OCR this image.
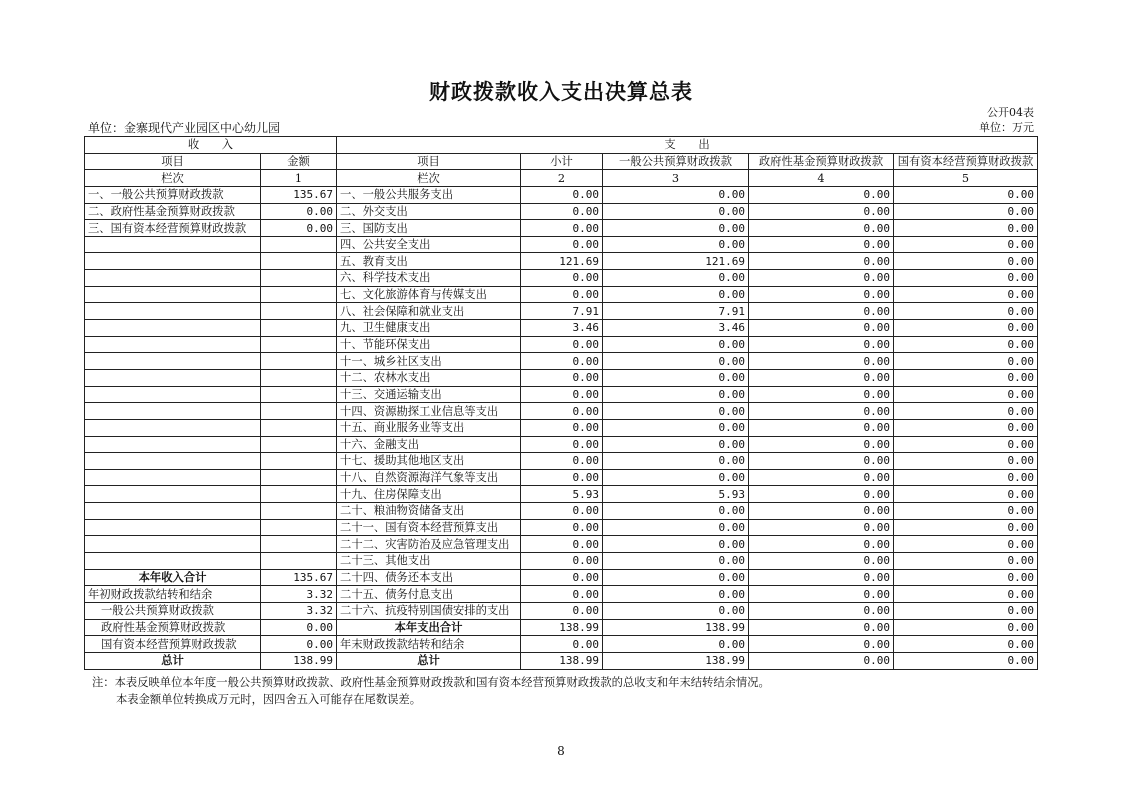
财政拨款收入支出决算总表
公开04表
单位：金寨现代产业园区中心幼儿园	单位：万元
收　　入		支　　出				
项目	金额	项目	小计	一般公共预算财政拨款	政府性基金预算财政拨款	国有资本经营预算财政拨款
栏次	1	栏次	2	3	4	5
一、一般公共预算财政拨款	135.67	一、一般公共服务支出	0.00	0.00	0.00	0.00
二、政府性基金预算财政拨款	0.00	二、外交支出	0.00	0.00	0.00	0.00
三、国有资本经营预算财政拨款	0.00	三、国防支出	0.00	0.00	0.00	0.00
		四、公共安全支出	0.00	0.00	0.00	0.00
		五、教育支出	121.69	121.69	0.00	0.00
		六、科学技术支出	0.00	0.00	0.00	0.00
		七、文化旅游体育与传媒支出	0.00	0.00	0.00	0.00
		八、社会保障和就业支出	7.91	7.91	0.00	0.00
		九、卫生健康支出	3.46	3.46	0.00	0.00
		十、节能环保支出	0.00	0.00	0.00	0.00
		十一、城乡社区支出	0.00	0.00	0.00	0.00
		十二、农林水支出	0.00	0.00	0.00	0.00
		十三、交通运输支出	0.00	0.00	0.00	0.00
		十四、资源勘探工业信息等支出	0.00	0.00	0.00	0.00
		十五、商业服务业等支出	0.00	0.00	0.00	0.00
		十六、金融支出	0.00	0.00	0.00	0.00
		十七、援助其他地区支出	0.00	0.00	0.00	0.00
		十八、自然资源海洋气象等支出	0.00	0.00	0.00	0.00
		十九、住房保障支出	5.93	5.93	0.00	0.00
		二十、粮油物资储备支出	0.00	0.00	0.00	0.00
		二十一、国有资本经营预算支出	0.00	0.00	0.00	0.00
		二十二、灾害防治及应急管理支出	0.00	0.00	0.00	0.00
		二十三、其他支出	0.00	0.00	0.00	0.00
本年收入合计	135.67	二十四、债务还本支出	0.00	0.00	0.00	0.00
年初财政拨款结转和结余	3.32	二十五、债务付息支出	0.00	0.00	0.00	0.00
一般公共预算财政拨款	3.32	二十六、抗疫特别国债安排的支出	0.00	0.00	0.00	0.00
政府性基金预算财政拨款	0.00	本年支出合计	138.99	138.99	0.00	0.00
国有资本经营预算财政拨款	0.00	年末财政拨款结转和结余	0.00	0.00	0.00	0.00
总计	138.99	总计	138.99	138.99	0.00	0.00
注：本表反映单位本年度一般公共预算财政拨款、政府性基金预算财政拨款和国有资本经营预算财政拨款的总收支和年末结转结余情况。
本表金额单位转换成万元时，因四舍五入可能存在尾数误差。
8
